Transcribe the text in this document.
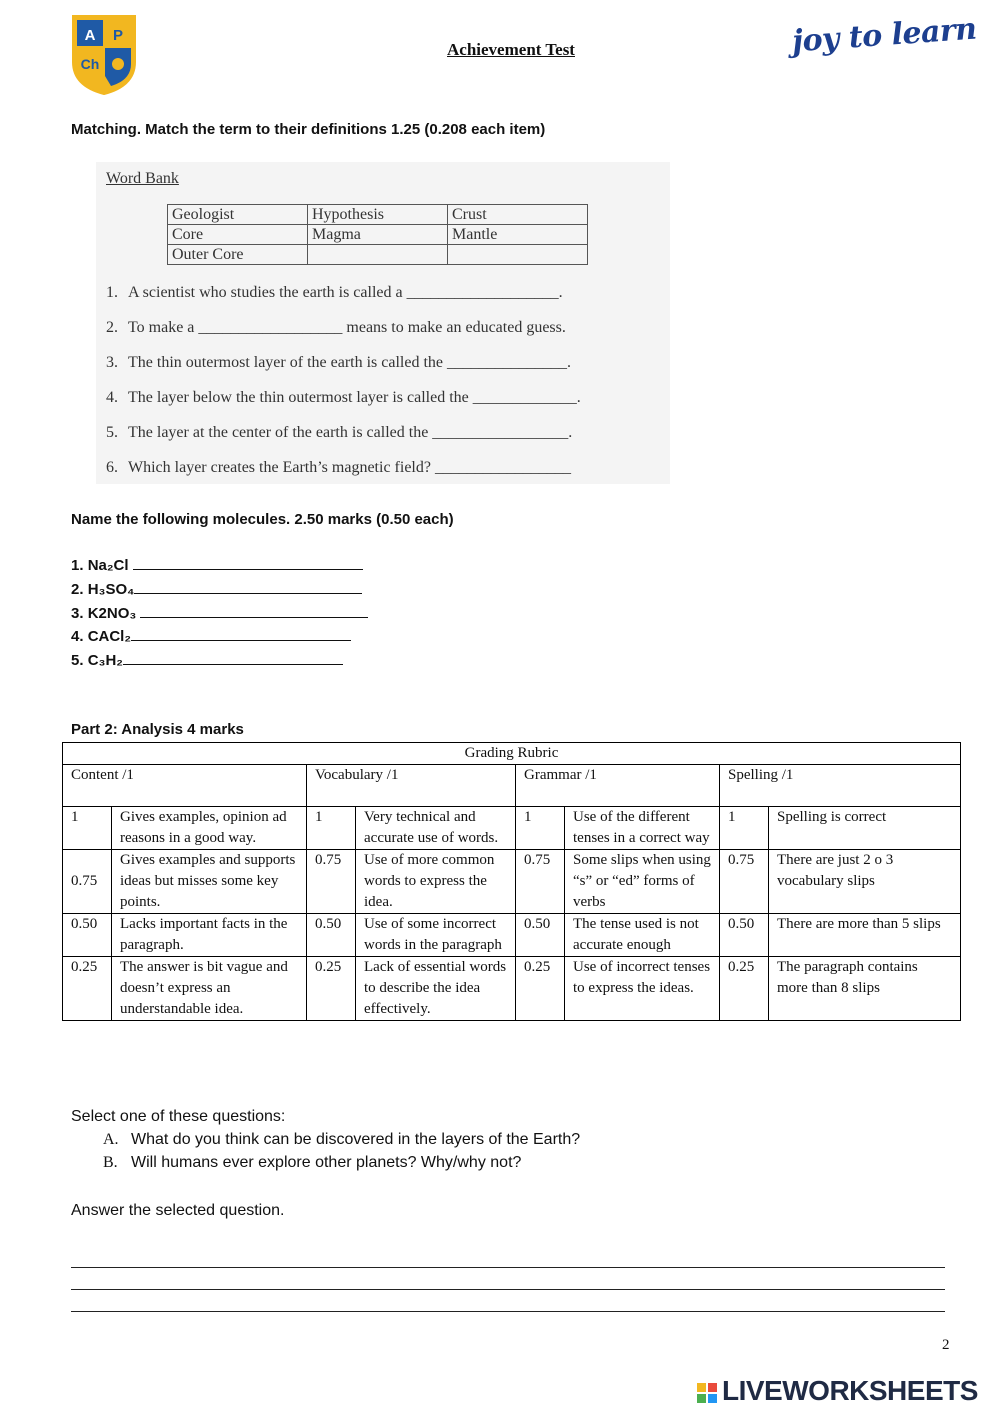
A P
Ch
Achievement Test	joy to learn
Matching. Match the term to their definitions 1.25 (0.208 each item)
Word Bank
Geologist	Hypothesis	Crust
Core	Magma	Mantle
Outer Core		
1. A scientist who studies the earth is called a ___________________.
2. To make a __________________ means to make an educated guess.
3. The thin outermost layer of the earth is called the _______________.
4. The layer below the thin outermost layer is called the _____________.
5. The layer at the center of the earth is called the _________________.
6. Which layer creates the Earth’s magnetic field? _________________
Name the following molecules. 2.50 marks (0.50 each)
1. Na₂Cl
2. H₃SO₄
3. K2NO₃
4. CACl₂
5. C₃H₂
Part 2: Analysis 4 marks
Grading Rubric							
Content /1		Vocabulary /1		Grammar /1		Spelling /1	
1	Gives examples, opinion ad reasons in a good way.	1	Very technical and accurate use of words.	1	Use of the different tenses in a correct way	1	Spelling is correct
0.75	Gives examples and supports ideas but misses some key points.	0.75	Use of more common words to express the idea.	0.75	Some slips when using “s” or “ed” forms of verbs	0.75	There are just 2 o 3 vocabulary slips
0.50	Lacks important facts in the paragraph.	0.50	Use of some incorrect words in the paragraph	0.50	The tense used is not accurate enough	0.50	There are more than 5 slips
0.25	The answer is bit vague and doesn’t express an understandable idea.	0.25	Lack of essential words to describe the idea effectively.	0.25	Use of incorrect tenses to express the ideas.	0.25	The paragraph contains more than 8 slips
Select one of these questions:
A. What do you think can be discovered in the layers of the Earth?
B. Will humans ever explore other planets? Why/why not?
Answer the selected question.
2
LIVEWORKSHEETS
